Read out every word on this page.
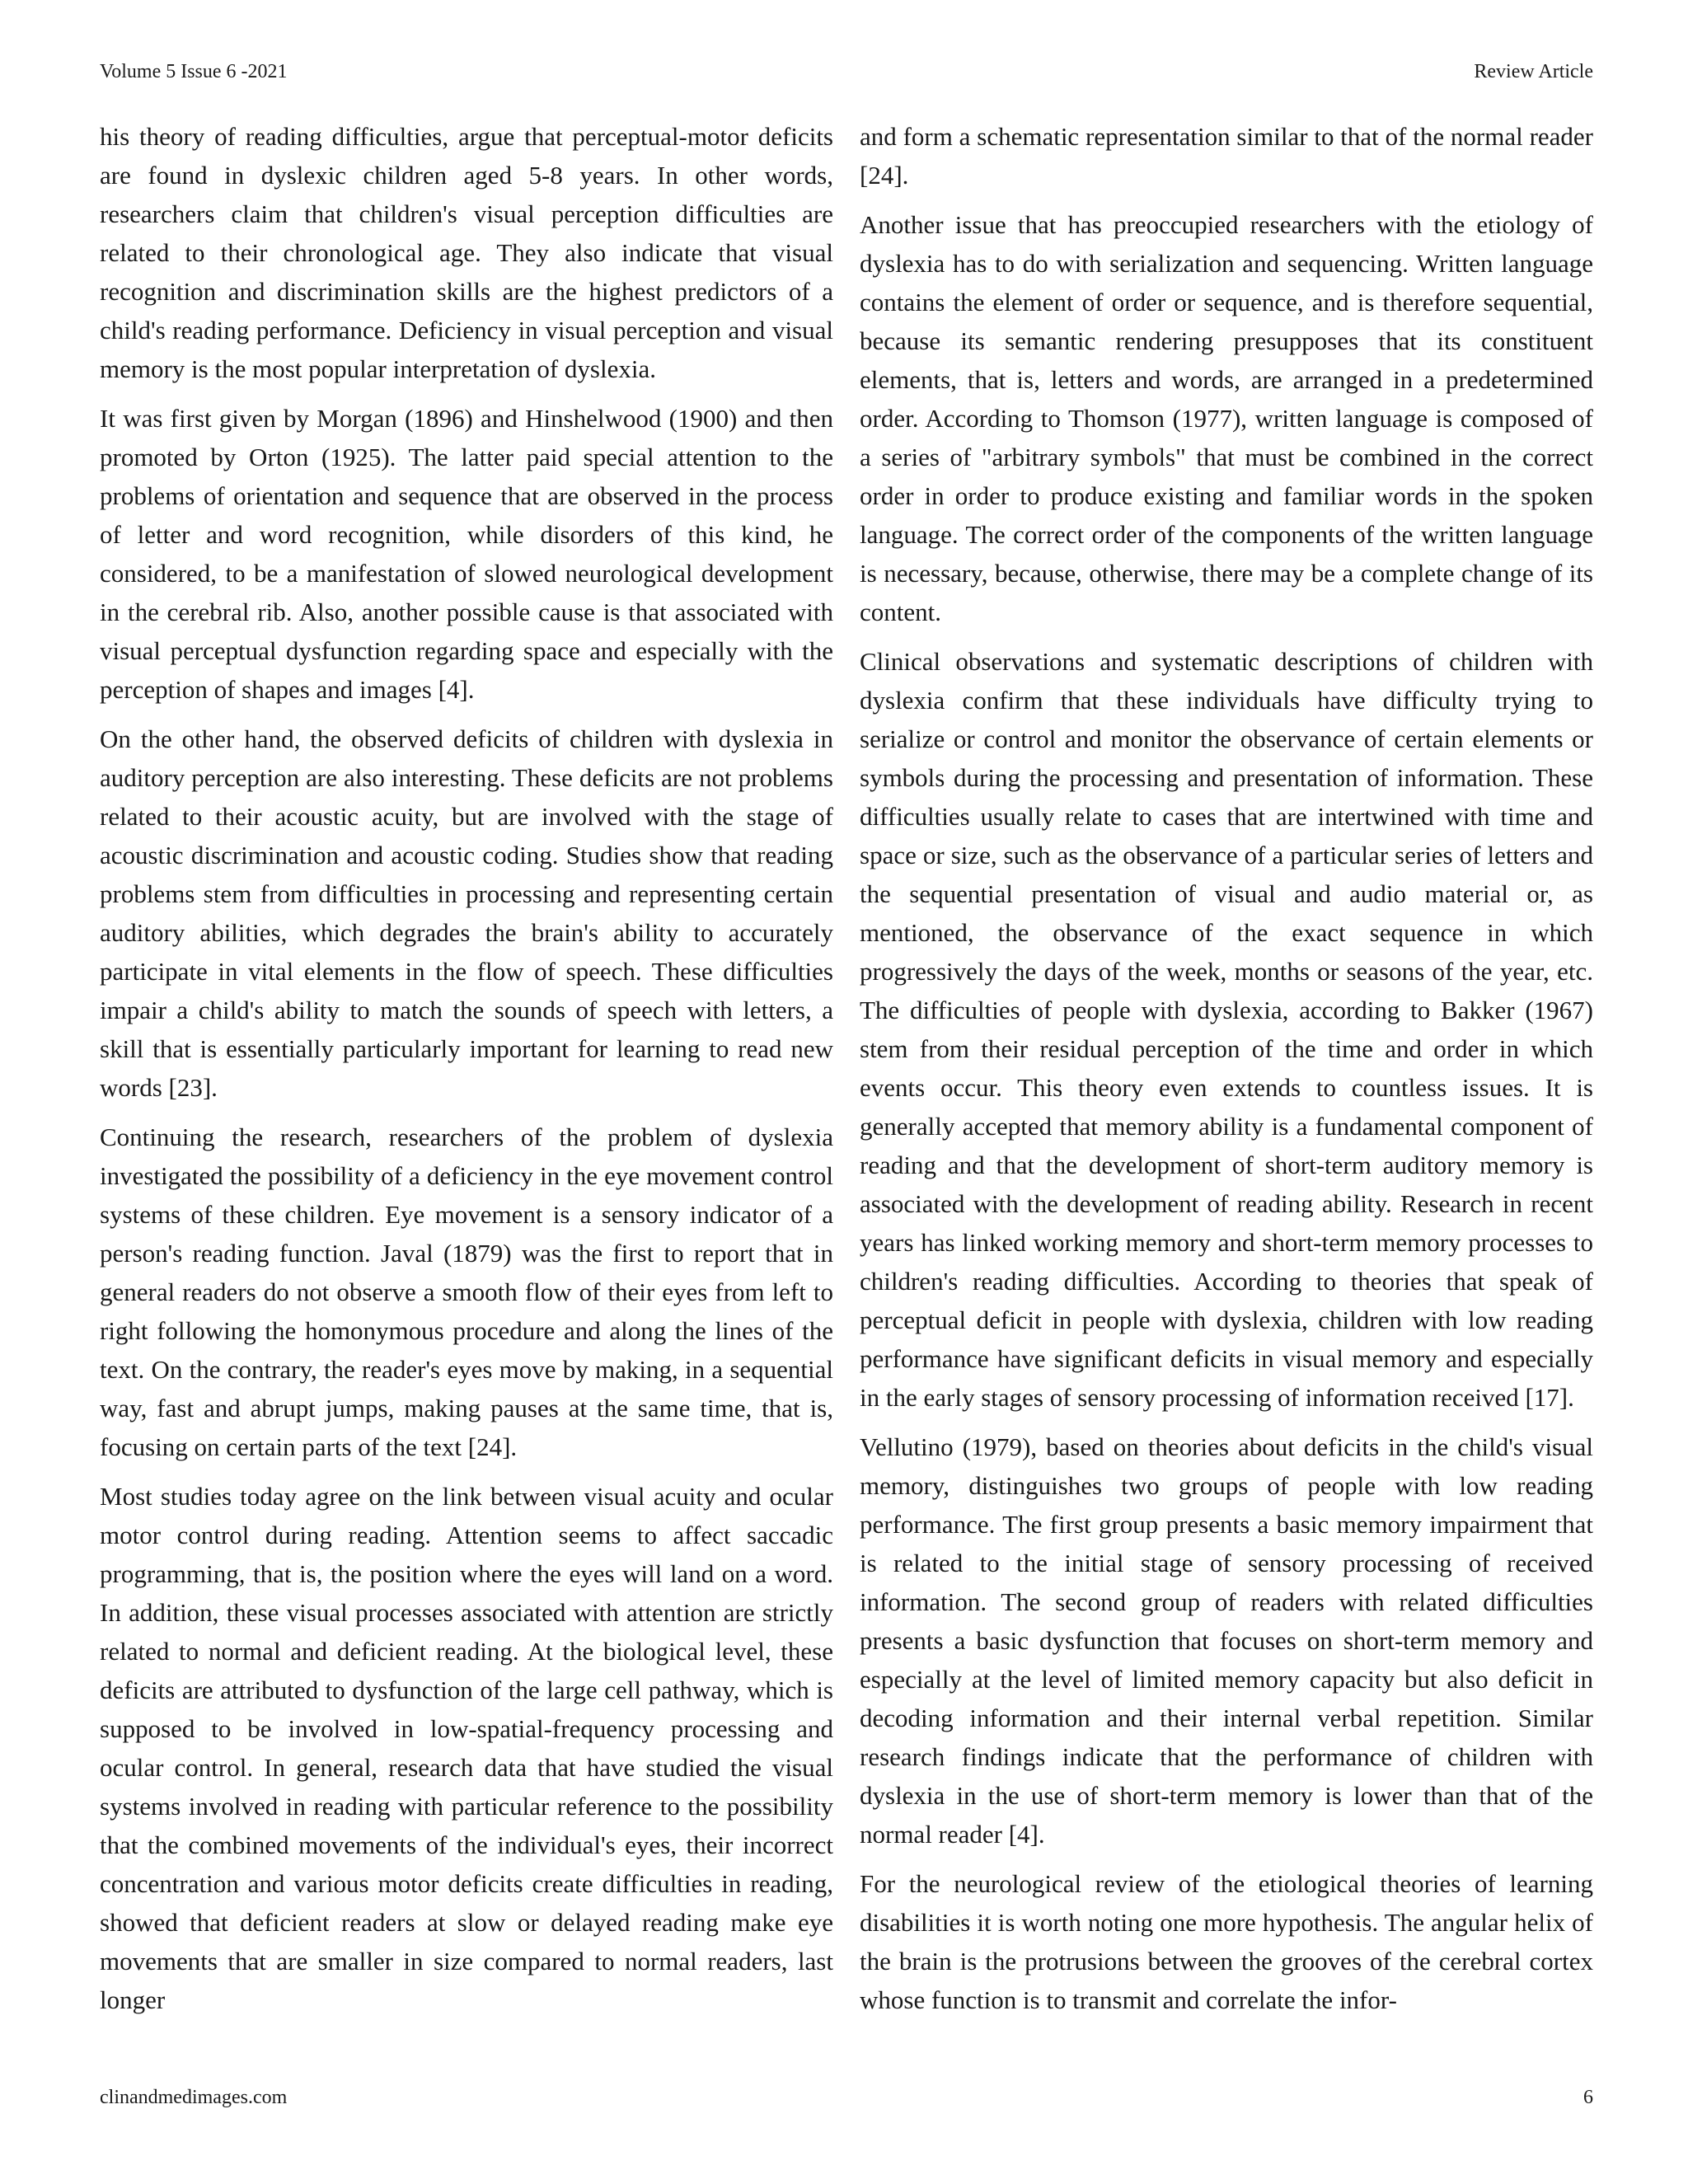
Volume 5 Issue 6 -2021	Review Article

his theory of reading difficulties, argue that perceptual-motor deficits are found in dyslexic children aged 5-8 years. In other words, researchers claim that children's visual perception difficulties are related to their chronological age. They also indicate that visual recognition and discrimination skills are the highest predictors of a child's reading performance. Deficiency in visual perception and visual memory is the most popular interpretation of dyslexia.

It was first given by Morgan (1896) and Hinshelwood (1900) and then promoted by Orton (1925). The latter paid special attention to the problems of orientation and sequence that are observed in the process of letter and word recognition, while disorders of this kind, he considered, to be a manifestation of slowed neurological development in the cerebral rib. Also, another possible cause is that associated with visual perceptual dysfunction regarding space and especially with the perception of shapes and images [4].

On the other hand, the observed deficits of children with dyslexia in auditory perception are also interesting. These deficits are not problems related to their acoustic acuity, but are involved with the stage of acoustic discrimination and acoustic coding. Studies show that reading problems stem from difficulties in processing and representing certain auditory abilities, which degrades the brain's ability to accurately participate in vital elements in the flow of speech. These difficulties impair a child's ability to match the sounds of speech with letters, a skill that is essentially particularly important for learning to read new words [23].

Continuing the research, researchers of the problem of dyslexia investigated the possibility of a deficiency in the eye movement control systems of these children. Eye movement is a sensory indicator of a person's reading function. Javal (1879) was the first to report that in general readers do not observe a smooth flow of their eyes from left to right following the homonymous procedure and along the lines of the text. On the contrary, the reader's eyes move by making, in a sequential way, fast and abrupt jumps, making pauses at the same time, that is, focusing on certain parts of the text [24].

Most studies today agree on the link between visual acuity and ocular motor control during reading. Attention seems to affect saccadic programming, that is, the position where the eyes will land on a word. In addition, these visual processes associated with attention are strictly related to normal and deficient reading. At the biological level, these deficits are attributed to dysfunction of the large cell pathway, which is supposed to be involved in low-spatial-frequency processing and ocular control. In general, research data that have studied the visual systems involved in reading with particular reference to the possibility that the combined movements of the individual's eyes, their incorrect concentration and various motor deficits create difficulties in reading, showed that deficient readers at slow or delayed reading make eye movements that are smaller in size compared to normal readers, last longer

and form a schematic representation similar to that of the normal reader [24].

Another issue that has preoccupied researchers with the etiology of dyslexia has to do with serialization and sequencing. Written language contains the element of order or sequence, and is therefore sequential, because its semantic rendering presupposes that its constituent elements, that is, letters and words, are arranged in a predetermined order. According to Thomson (1977), written language is composed of a series of "arbitrary symbols" that must be combined in the correct order in order to produce existing and familiar words in the spoken language. The correct order of the components of the written language is necessary, because, otherwise, there may be a complete change of its content.

Clinical observations and systematic descriptions of children with dyslexia confirm that these individuals have difficulty trying to serialize or control and monitor the observance of certain elements or symbols during the processing and presentation of information. These difficulties usually relate to cases that are intertwined with time and space or size, such as the observance of a particular series of letters and the sequential presentation of visual and audio material or, as mentioned, the observance of the exact sequence in which progressively the days of the week, months or seasons of the year, etc. The difficulties of people with dyslexia, according to Bakker (1967) stem from their residual perception of the time and order in which events occur. This theory even extends to countless issues. It is generally accepted that memory ability is a fundamental component of reading and that the development of short-term auditory memory is associated with the development of reading ability. Research in recent years has linked working memory and short-term memory processes to children's reading difficulties. According to theories that speak of perceptual deficit in people with dyslexia, children with low reading performance have significant deficits in visual memory and especially in the early stages of sensory processing of information received [17].

Vellutino (1979), based on theories about deficits in the child's visual memory, distinguishes two groups of people with low reading performance. The first group presents a basic memory impairment that is related to the initial stage of sensory processing of received information. The second group of readers with related difficulties presents a basic dysfunction that focuses on short-term memory and especially at the level of limited memory capacity but also deficit in decoding information and their internal verbal repetition. Similar research findings indicate that the performance of children with dyslexia in the use of short-term memory is lower than that of the normal reader [4].

For the neurological review of the etiological theories of learning disabilities it is worth noting one more hypothesis. The angular helix of the brain is the protrusions between the grooves of the cerebral cortex whose function is to transmit and correlate the infor-

clinandmedimages.com	6
